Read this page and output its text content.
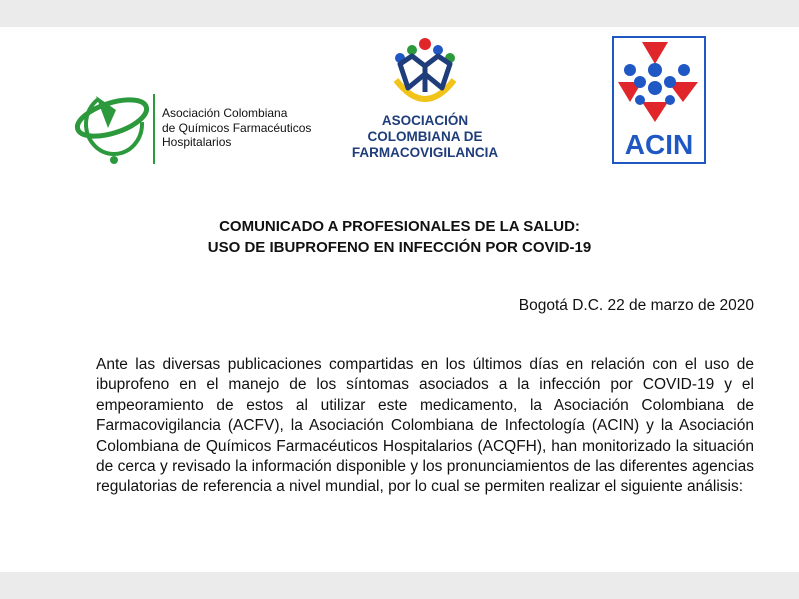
Asociación Colombiana
de Químicos Farmacéuticos
Hospitalarios
ASOCIACIÓN
COLOMBIANA DE
FARMACOVIGILANCIA	ACIN
COMUNICADO A PROFESIONALES DE LA SALUD:
USO DE IBUPROFENO EN INFECCIÓN POR COVID-19
Bogotá D.C. 22 de marzo de 2020
Ante las diversas publicaciones compartidas en los últimos días en relación con el uso de ibuprofeno en el manejo de los síntomas asociados a la infección por COVID-19 y el empeoramiento de estos al utilizar este medicamento, la Asociación Colombiana de Farmacovigilancia (ACFV), la Asociación Colombiana de Infectología (ACIN) y la Asociación Colombiana de Químicos Farmacéuticos Hospitalarios (ACQFH), han monitorizado la situación de cerca y revisado la información disponible y los pronunciamientos de las diferentes agencias regulatorias de referencia a nivel mundial, por lo cual se permiten realizar el siguiente análisis:
